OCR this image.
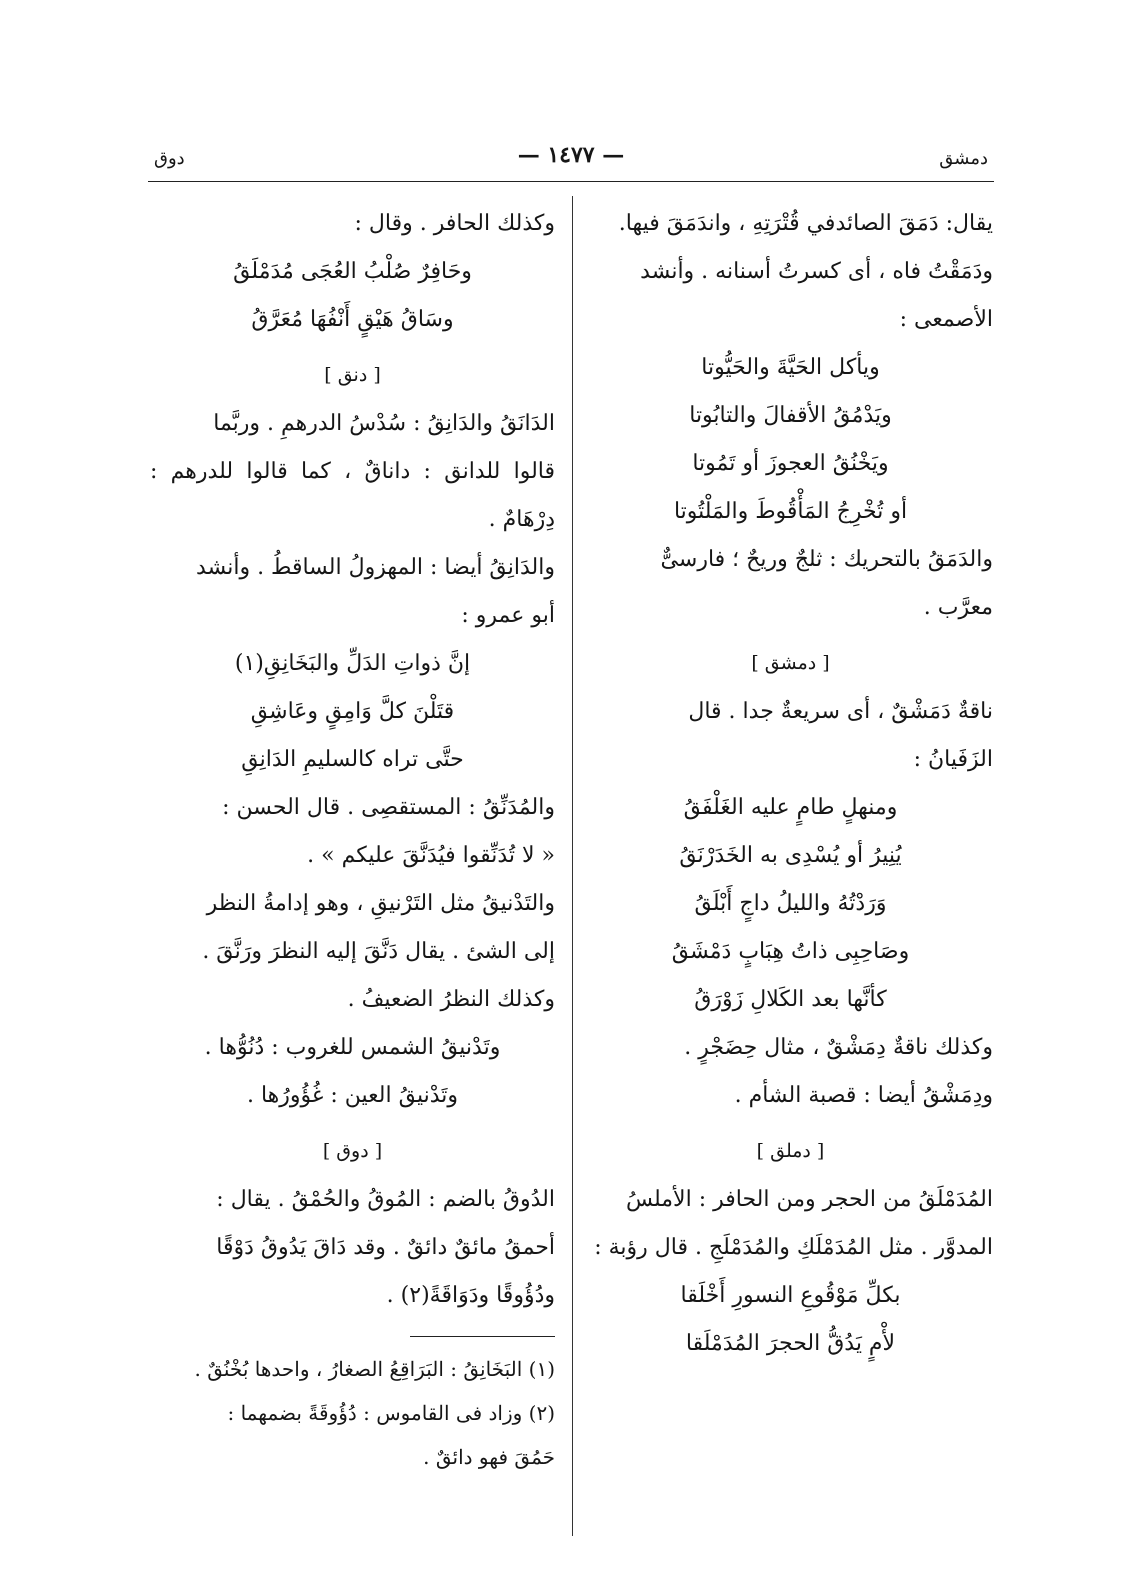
دمشق
— ١٤٧٧ —
دوق

يقال: دَمَقَ الصائدفي قُتْرَتِهِ ، واندَمَقَ فيها.

ودَمَقْتُ فاه ، أى كسرتُ أسنانه . وأنشد

الأصمعى :

ويأكل الحَيَّةَ والحَيُّوتا

ويَدْمُقُ الأقفالَ والتابُوتا

ويَخْنُقُ العجوزَ أو تَمُوتا

أو تُخْرِجُ المَأْقُوطَ والمَلْتُوتا

والدَمَقُ بالتحريك : ثلجٌ وريحٌ ؛ فارسىٌّ

معرَّب .

[ دمشق ]

ناقةٌ دَمَشْقٌ ، أى سريعةٌ جدا . قال

الزَفَيانُ :

ومنهلٍ طامٍ عليه الغَلْفَقُ

يُنِيرُ أو يُسْدِى به الخَدَرْنَقُ

وَرَدْتُهُ والليلُ داجٍ أَبْلَقُ

وصَاحِبِى ذاتُ هِبَابٍ دَمْشَقُ

كأنَّها بعد الكَلالِ زَوْرَقُ

وكذلك ناقةٌ دِمَشْقٌ ، مثال حِضَجْرٍ .

ودِمَشْقُ أيضا : قصبة الشأم .

[ دملق ]

المُدَمْلَقُ من الحجر ومن الحافر : الأملسُ

المدوَّر . مثل المُدَمْلَكِ والمُدَمْلَجِ . قال رؤبة :

بكلِّ مَوْقُوعِ النسورِ أَخْلَقا

لأْمٍ يَدُقُّ الحجرَ المُدَمْلَقا

وكذلك الحافر . وقال :

وحَافِرٌ صُلْبُ العُجَى مُدَمْلَقُ

وسَاقُ هَيْقٍ أَنْفُهَا مُعَرَّقُ

[ دنق ]

الدَانَقُ والدَانِقُ : سُدْسُ الدرهمِ . وربَّما

قالوا للدانق : داناقٌ ، كما قالوا للدرهم : دِرْهَامٌ .

والدَانِقُ أيضا : المهزولُ الساقطُ . وأنشد

أبو عمرو :

إنَّ ذواتِ الدَلِّ والبَخَانِقِ(١)

قتَلْنَ كلَّ وَامِقٍ وعَاشِقِ

حتَّى تراه كالسليمِ الدَانِقِ

والمُدَنِّقُ : المستقصِى . قال الحسن :

« لا تُدَنِّقوا فيُدَنَّقَ عليكم » .

والتَدْنيقُ مثل التَرْنيقِ ، وهو إدامةُ النظر

إلى الشئ . يقال دَنَّقَ إليه النظرَ ورَنَّقَ .

وكذلك النظرُ الضعيفُ .

وتَدْنيقُ الشمس للغروب : دُنُوُّها .

وتَدْنيقُ العين : غُؤُورُها .

[ دوق ]

الدُوقُ بالضم : المُوقُ والحُمْقُ . يقال :

أحمقُ مائقٌ دائقٌ . وقد دَاقَ يَدُوقُ دَوْقًا

ودُؤُوقًا ودَوَاقَةً(٢) .

(١) البَخَانِقُ : البَرَاقِعُ الصغارُ ، واحدها بُخْنُقٌ .

(٢) وزاد فى القاموس : دُؤُوقَةً بضمهما :

حَمُقَ فهو دائقٌ .
